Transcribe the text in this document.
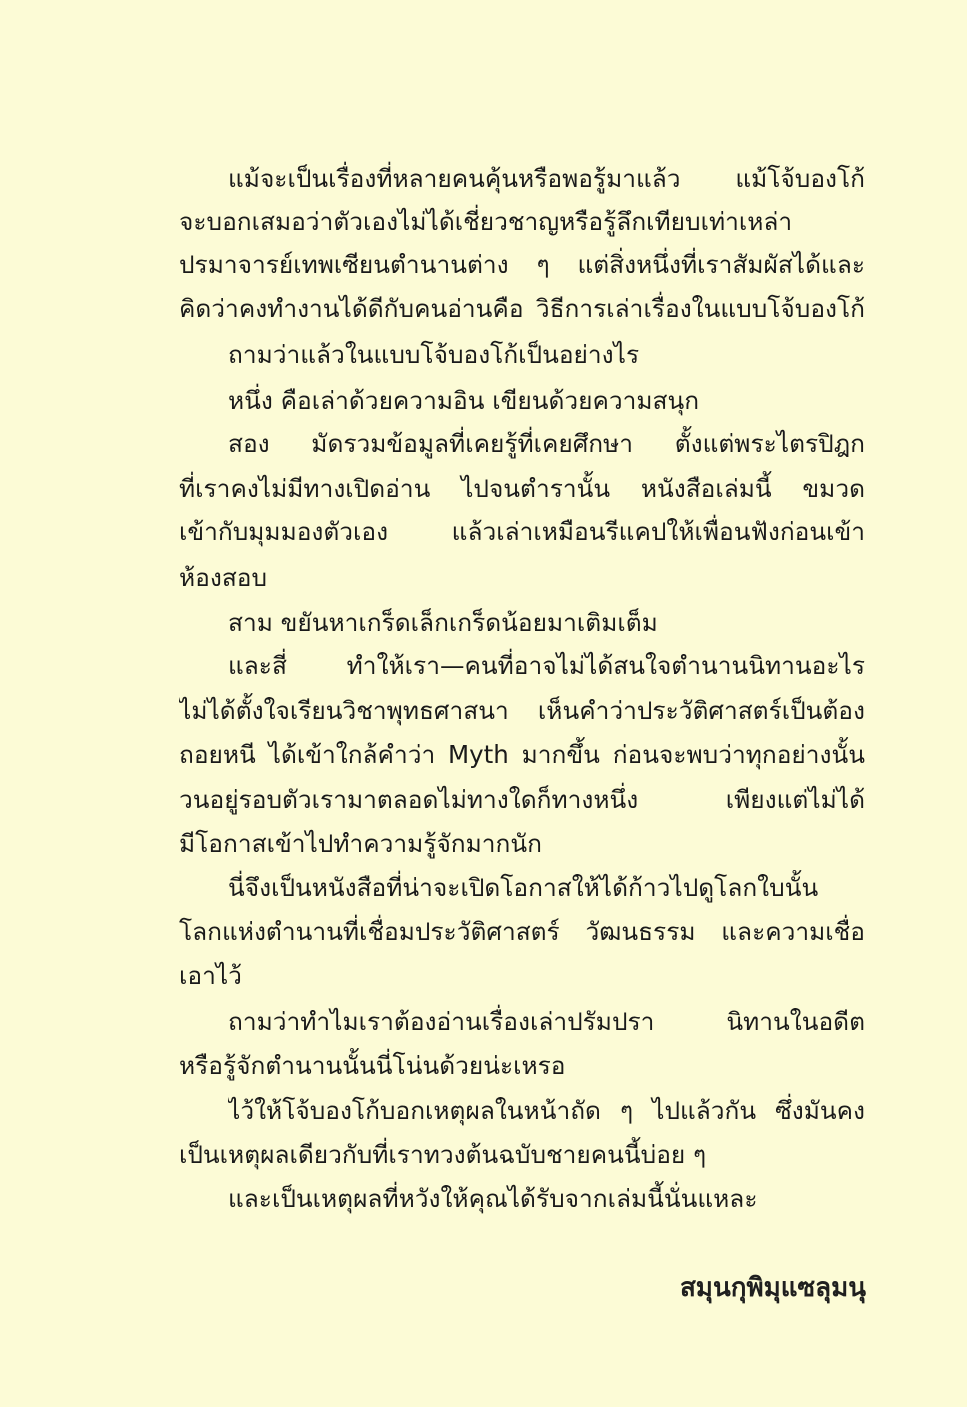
แม้จะเป็นเรื่องที่หลายคนคุ้นหรือพอรู้มาแล้ว แม้โจ้บองโก้
จะบอกเสมอว่าตัวเองไม่ได้เชี่ยวชาญหรือรู้ลึกเทียบเท่าเหล่า
ปรมาจารย์เทพเซียนตำนานต่าง ๆ แต่สิ่งหนึ่งที่เราสัมผัสได้และ
คิดว่าคงทำงานได้ดีกับคนอ่านคือ วิธีการเล่าเรื่องในแบบโจ้บองโก้
ถามว่าแล้วในแบบโจ้บองโก้เป็นอย่างไร
หนึ่ง คือเล่าด้วยความอิน เขียนด้วยความสนุก
สอง มัดรวมข้อมูลที่เคยรู้ที่เคยศึกษา ตั้งแต่พระไตรปิฎก
ที่เราคงไม่มีทางเปิดอ่าน ไปจนตำรานั้น หนังสือเล่มนี้ ขมวด
เข้ากับมุมมองตัวเอง แล้วเล่าเหมือนรีแคปให้เพื่อนฟังก่อนเข้า
ห้องสอบ
สาม ขยันหาเกร็ดเล็กเกร็ดน้อยมาเติมเต็ม
และสี่ ทำให้เรา—คนที่อาจไม่ได้สนใจตำนานนิทานอะไร
ไม่ได้ตั้งใจเรียนวิชาพุทธศาสนา เห็นคำว่าประวัติศาสตร์เป็นต้อง
ถอยหนี ได้เข้าใกล้คำว่า Myth มากขึ้น ก่อนจะพบว่าทุกอย่างนั้น
วนอยู่รอบตัวเรามาตลอดไม่ทางใดก็ทางหนึ่ง เพียงแต่ไม่ได้
มีโอกาสเข้าไปทำความรู้จักมากนัก
นี่จึงเป็นหนังสือที่น่าจะเปิดโอกาสให้ได้ก้าวไปดูโลกใบนั้น
โลกแห่งตำนานที่เชื่อมประวัติศาสตร์ วัฒนธรรม และความเชื่อ
เอาไว้
ถามว่าทำไมเราต้องอ่านเรื่องเล่าปรัมปรา นิทานในอดีต
หรือรู้จักตำนานนั้นนี่โน่นด้วยน่ะเหรอ
ไว้ให้โจ้บองโก้บอกเหตุผลในหน้าถัด ๆ ไปแล้วกัน ซึ่งมันคง
เป็นเหตุผลเดียวกับที่เราทวงต้นฉบับชายคนนี้บ่อย ๆ
และเป็นเหตุผลที่หวังให้คุณได้รับจากเล่มนี้นั่นแหละ
สมุนกุพิมุแซลุมนุ
